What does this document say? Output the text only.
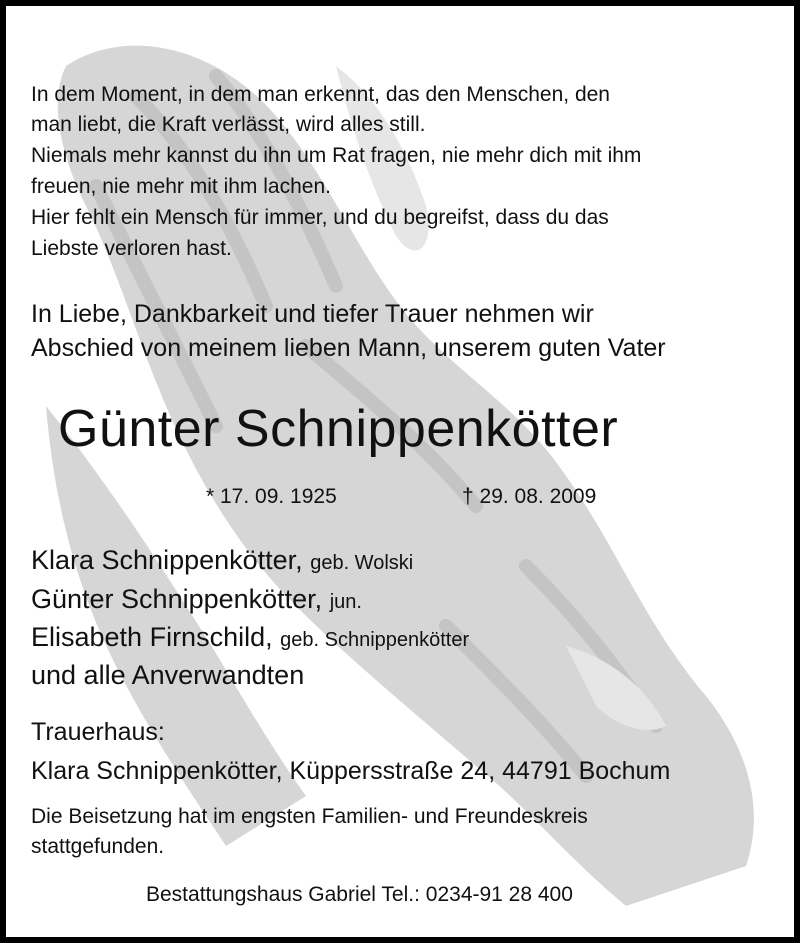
In dem Moment, in dem man erkennt, das den Menschen, den
man liebt, die Kraft verlässt, wird alles still.
Niemals mehr kannst du ihn um Rat fragen, nie mehr dich mit ihm
freuen, nie mehr mit ihm lachen.
Hier fehlt ein Mensch für immer, und du begreifst, dass du das
Liebste verloren hast.
In Liebe, Dankbarkeit und tiefer Trauer nehmen wir
Abschied von meinem lieben Mann, unserem guten Vater
Günter Schnippenkötter
* 17. 09. 1925	† 29. 08. 2009
Klara Schnippenkötter, geb. Wolski
Günter Schnippenkötter, jun.
Elisabeth Firnschild, geb. Schnippenkötter
und alle Anverwandten
Trauerhaus:
Klara Schnippenkötter, Küppersstraße 24, 44791 Bochum
Die Beisetzung hat im engsten Familien- und Freundeskreis
stattgefunden.
Bestattungshaus Gabriel Tel.: 0234-91 28 400
